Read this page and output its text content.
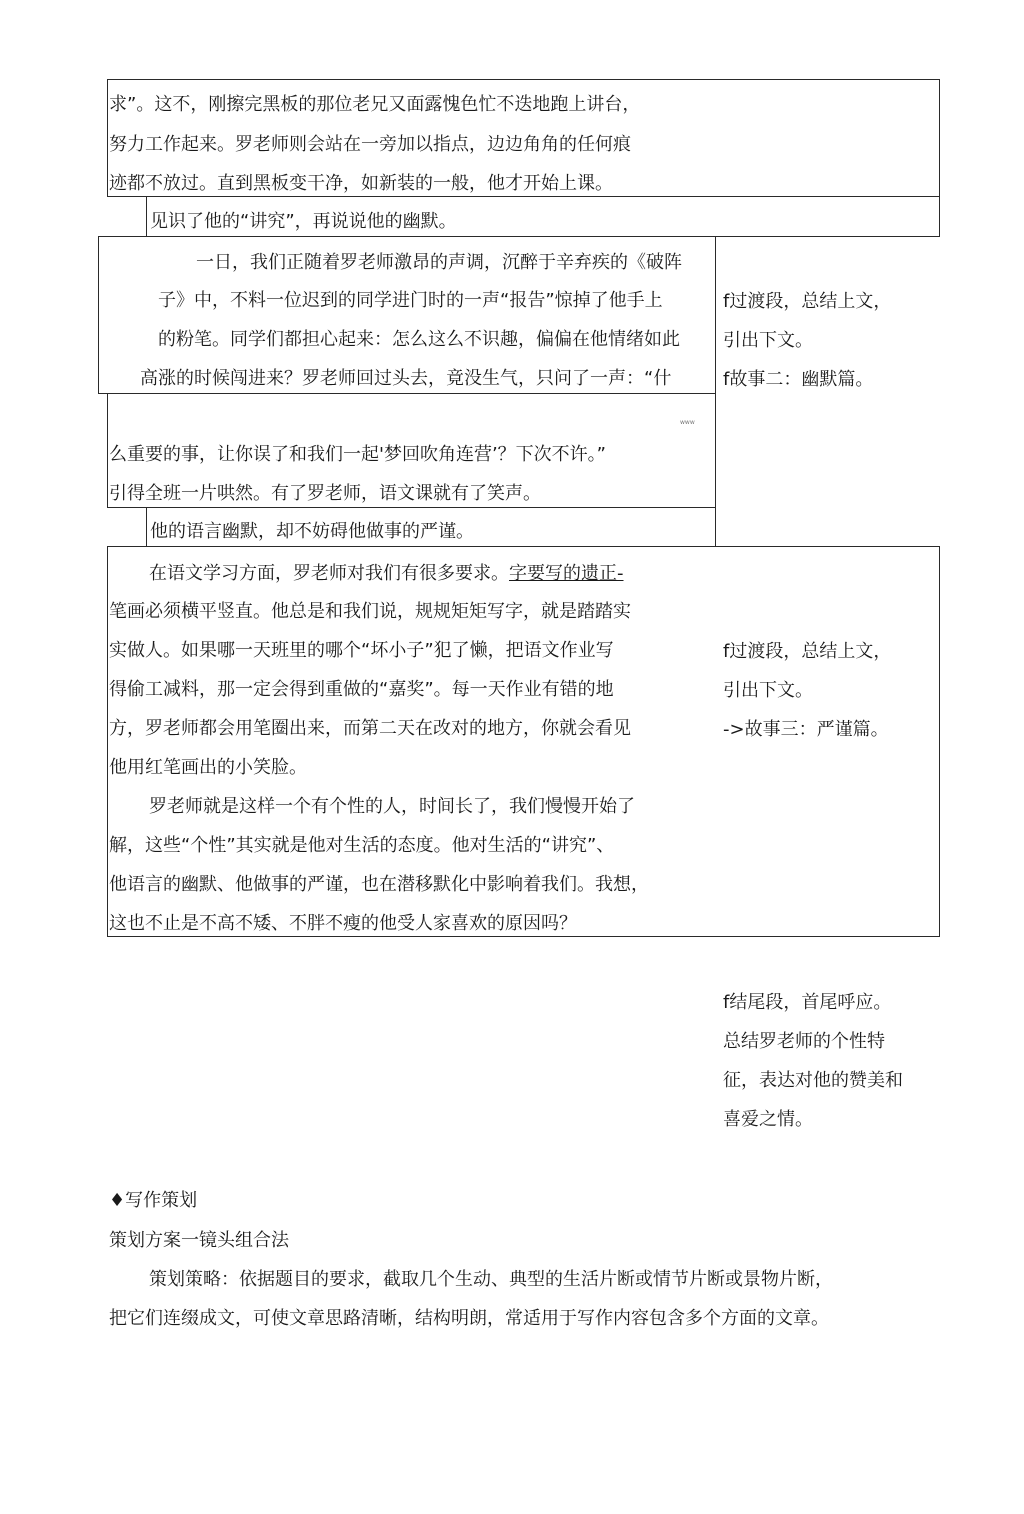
求”。这不，刚擦完黑板的那位老兄又面露愧色忙不迭地跑上讲台，
努力工作起来。罗老师则会站在一旁加以指点，边边角角的任何痕
迹都不放过。直到黑板变干净，如新装的一般，他才开始上课。
见识了他的“讲究”，再说说他的幽默。
一日，我们正随着罗老师激昂的声调，沉醉于辛弃疾的《破阵
子》中，不料一位迟到的同学进门时的一声“报告”惊掉了他手上
的粉笔。同学们都担心起来：怎么这么不识趣，偏偏在他情绪如此
高涨的时候闯进来？罗老师回过头去，竟没生气，只问了一声：“什
www
么重要的事，让你误了和我们一起'梦回吹角连营’？下次不许。”
引得全班一片哄然。有了罗老师，语文课就有了笑声。
他的语言幽默，却不妨碍他做事的严谨。
f过渡段，总结上文，
引出下文。
f故事二：幽默篇。
在语文学习方面，罗老师对我们有很多要求。字要写的遗正-
笔画必须横平竖直。他总是和我们说，规规矩矩写字，就是踏踏实
实做人。如果哪一天班里的哪个“坏小子”犯了懒，把语文作业写
得偷工减料，那一定会得到重做的“嘉奖”。每一天作业有错的地
方，罗老师都会用笔圈出来，而第二天在改对的地方，你就会看见
他用红笔画出的小笑脸。
罗老师就是这样一个有个性的人，时间长了，我们慢慢开始了
解，这些“个性”其实就是他对生活的态度。他对生活的“讲究”、
他语言的幽默、他做事的严谨，也在潜移默化中影响着我们。我想，
这也不止是不高不矮、不胖不瘦的他受人家喜欢的原因吗？
f过渡段，总结上文，
引出下文。
->故事三：严谨篇。
f结尾段，首尾呼应。
总结罗老师的个性特
征，表达对他的赞美和
喜爱之情。
♦写作策划
策划方案一镜头组合法
策划策略：依据题目的要求，截取几个生动、典型的生活片断或情节片断或景物片断，
把它们连缀成文，可使文章思路清晰，结构明朗，常适用于写作内容包含多个方面的文章。
